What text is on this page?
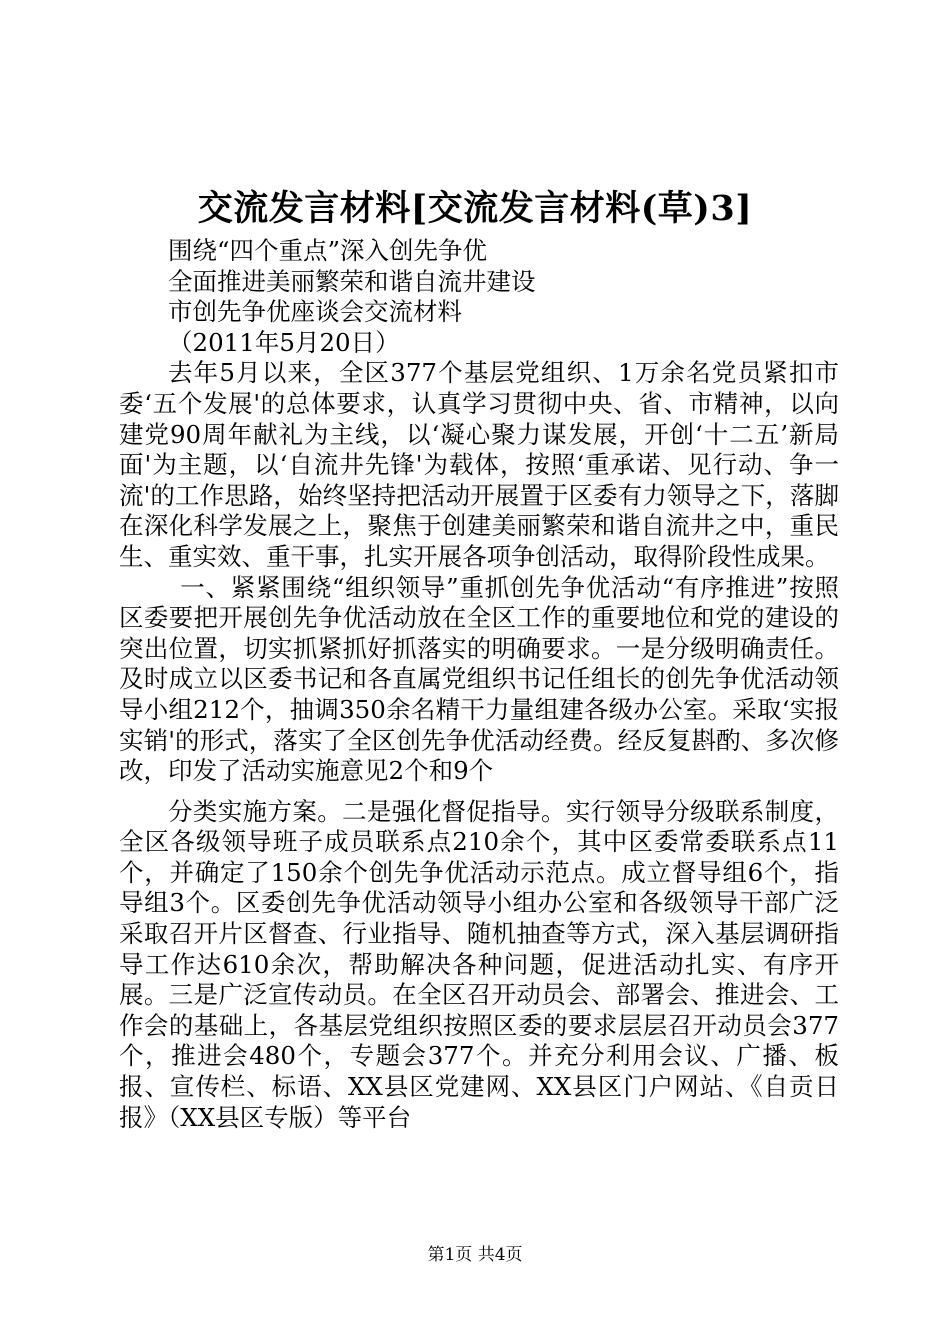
交流发言材料[交流发言材料(草)3]

围绕“四个重点”深入创先争优

全面推进美丽繁荣和谐自流井建设

市创先争优座谈会交流材料

（2011年5月20日）

去年5月以来，全区377个基层党组织、1万余名党员紧扣市委‘五个发展'的总体要求，认真学习贯彻中央、省、市精神，以向建党90周年献礼为主线，以‘凝心聚力谋发展，开创‘十二五’新局面'为主题，以‘自流井先锋'为载体，按照‘重承诺、见行动、争一流'的工作思路，始终坚持把活动开展置于区委有力领导之下，落脚在深化科学发展之上，聚焦于创建美丽繁荣和谐自流井之中，重民生、重实效、重干事，扎实开展各项争创活动，取得阶段性成果。

一、紧紧围绕“组织领导”重抓创先争优活动“有序推进”按照区委要把开展创先争优活动放在全区工作的重要地位和党的建设的突出位置，切实抓紧抓好抓落实的明确要求。一是分级明确责任。及时成立以区委书记和各直属党组织书记任组长的创先争优活动领导小组212个，抽调350余名精干力量组建各级办公室。采取‘实报实销'的形式，落实了全区创先争优活动经费。经反复斟酌、多次修改，印发了活动实施意见2个和9个

分类实施方案。二是强化督促指导。实行领导分级联系制度，全区各级领导班子成员联系点210余个，其中区委常委联系点11个，并确定了150余个创先争优活动示范点。成立督导组6个，指导组3个。区委创先争优活动领导小组办公室和各级领导干部广泛采取召开片区督查、行业指导、随机抽查等方式，深入基层调研指导工作达610余次，帮助解决各种问题，促进活动扎实、有序开展。三是广泛宣传动员。在全区召开动员会、部署会、推进会、工作会的基础上，各基层党组织按照区委的要求层层召开动员会377个，推进会480个，专题会377个。并充分利用会议、广播、板报、宣传栏、标语、XX县区党建网、XX县区门户网站、《自贡日报》（XX县区专版）等平台

第1页 共4页
